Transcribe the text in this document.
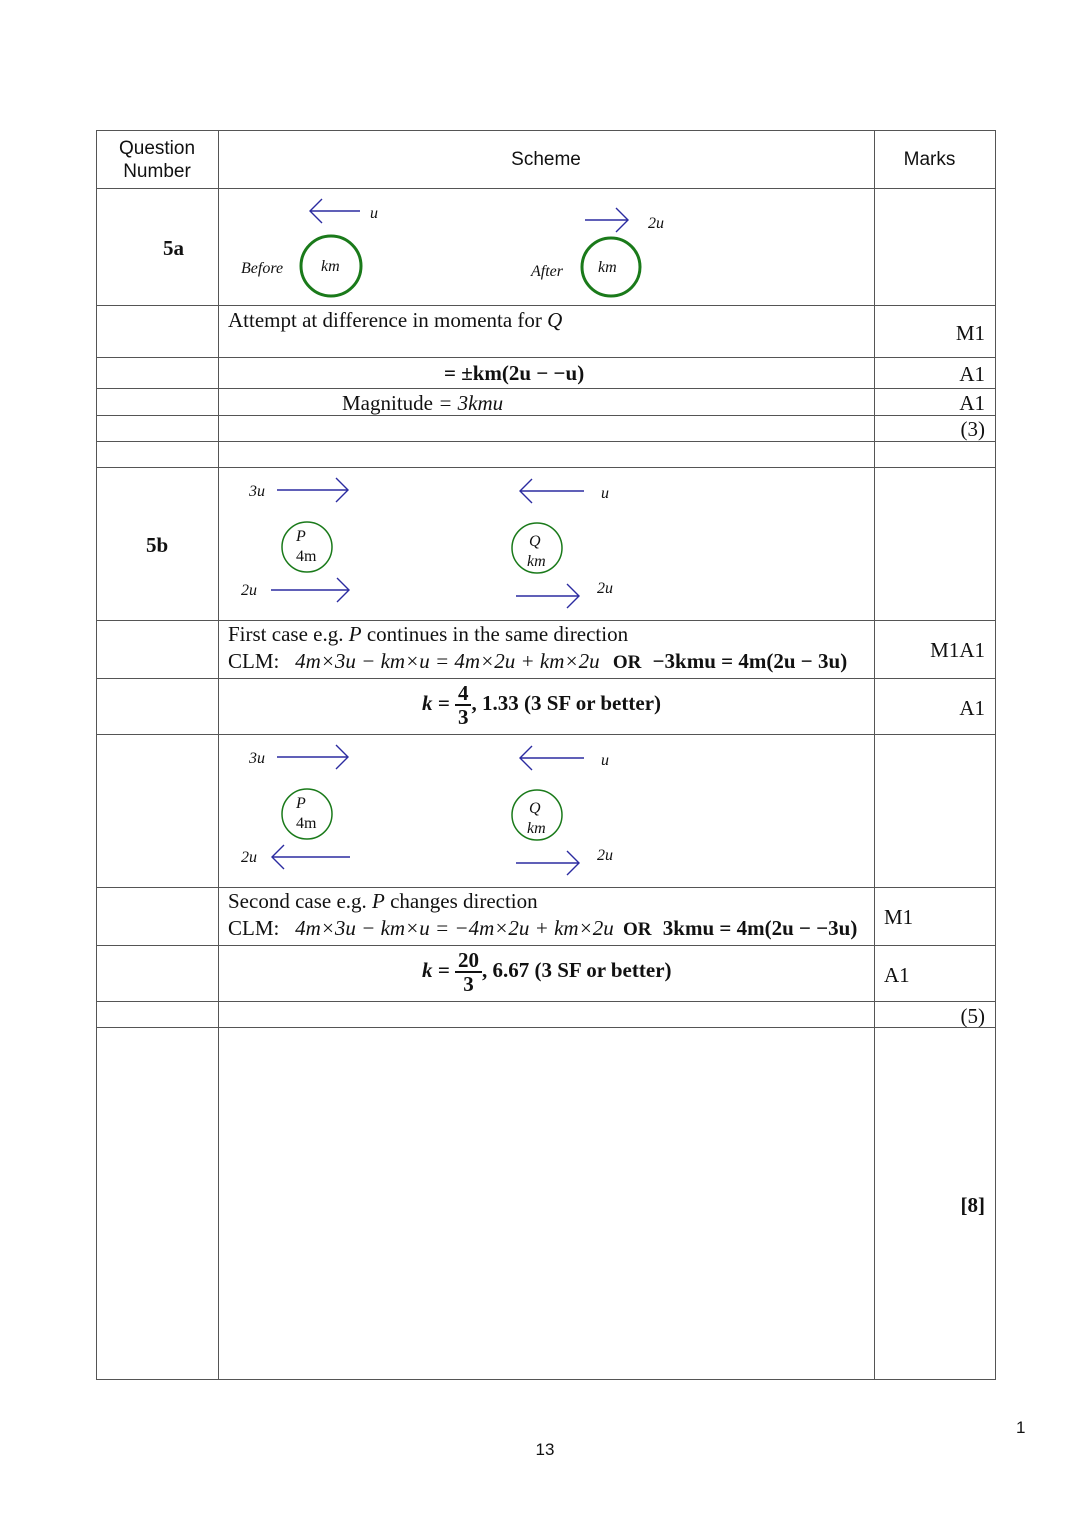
Question
Number
Scheme	Marks
5a
u
2u
Before	After
km	km
Attempt at difference in momenta for Q
M1
= ±km(2u − −u)	A1
Magnitude = 3kmu	A1
(3)
5b
3u	u
2u	2u
P
4m
Q
km
First case e.g. P continues in the same direction
CLM: 4m×3u − km×u = 4m×2u + km×2u OR −3kmu = 4m(2u − 3u)	M1A1
$k = \frac{4}{3}$ , 1.33 (3 SF or better)	A1
3u	u
2u	2u
P
4m
Q
km
Second case e.g. P changes direction
CLM: 4m×3u − km×u = −4m×2u + km×2u OR 3kmu = 4m(2u − −3u) M1
$k = \frac{20}{3}$ , 6.67 (3 SF or better)	A1
(5)
[8]
13
1
